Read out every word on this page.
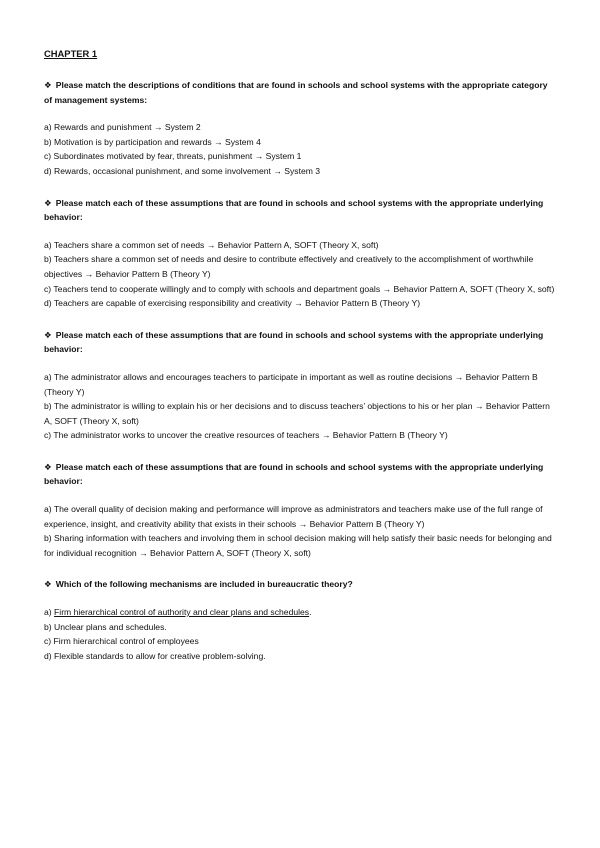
CHAPTER 1

❖ Please match the descriptions of conditions that are found in schools and school systems with the appropriate category of management systems:

a) Rewards and punishment → System 2

b) Motivation is by participation and rewards → System 4

c) Subordinates motivated by fear, threats, punishment → System 1

d) Rewards, occasional punishment, and some involvement → System 3

❖ Please match each of these assumptions that are found in schools and school systems with the appropriate underlying behavior:

a) Teachers share a common set of needs → Behavior Pattern A, SOFT (Theory X, soft)

b) Teachers share a common set of needs and desire to contribute effectively and creatively to the accomplishment of worthwhile objectives → Behavior Pattern B (Theory Y)

c) Teachers tend to cooperate willingly and to comply with schools and department goals → Behavior Pattern A, SOFT (Theory X, soft)

d) Teachers are capable of exercising responsibility and creativity → Behavior Pattern B (Theory Y)

❖ Please match each of these assumptions that are found in schools and school systems with the appropriate underlying behavior:

a) The administrator allows and encourages teachers to participate in important as well as routine decisions → Behavior Pattern B (Theory Y)

b) The administrator is willing to explain his or her decisions and to discuss teachers’ objections to his or her plan → Behavior Pattern A, SOFT (Theory X, soft)

c) The administrator works to uncover the creative resources of teachers → Behavior Pattern B (Theory Y)

❖ Please match each of these assumptions that are found in schools and school systems with the appropriate underlying behavior:

a) The overall quality of decision making and performance will improve as administrators and teachers make use of the full range of experience, insight, and creativity ability that exists in their schools → Behavior Pattern B (Theory Y)

b) Sharing information with teachers and involving them in school decision making will help satisfy their basic needs for belonging and for individual recognition → Behavior Pattern A, SOFT (Theory X, soft)

❖ Which of the following mechanisms are included in bureaucratic theory?

a) Firm hierarchical control of authority and clear plans and schedules.

b) Unclear plans and schedules.

c) Firm hierarchical control of employees

d) Flexible standards to allow for creative problem-solving.
